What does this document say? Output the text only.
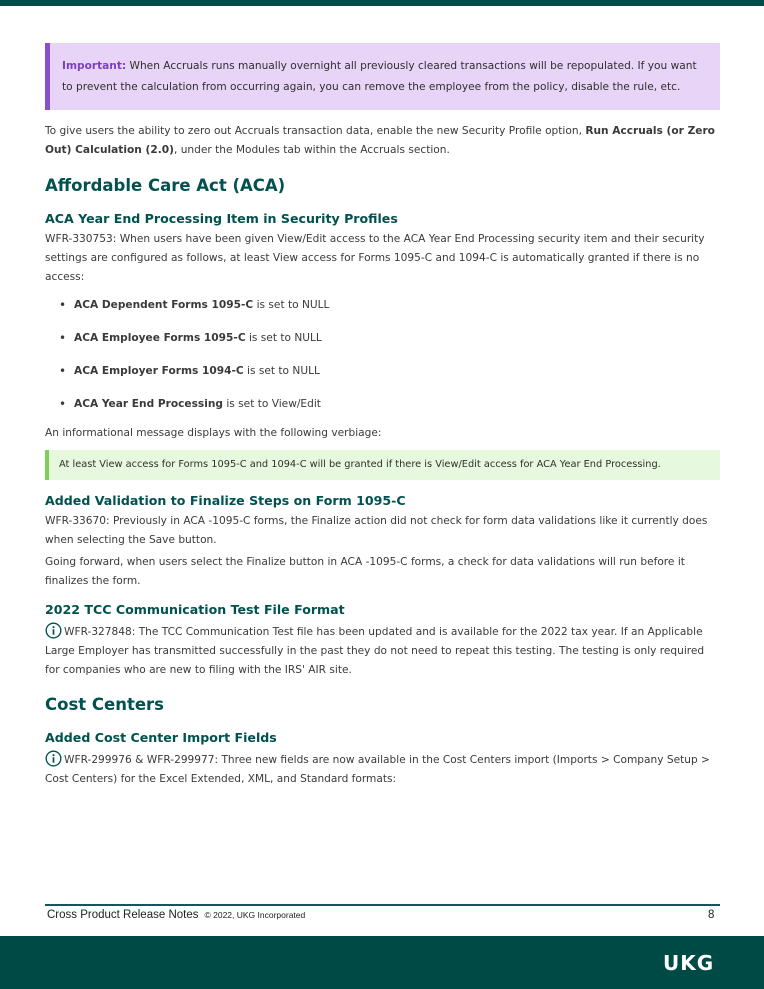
Important: When Accruals runs manually overnight all previously cleared transactions will be repopulated. If you want to prevent the calculation from occurring again, you can remove the employee from the policy, disable the rule, etc.

To give users the ability to zero out Accruals transaction data, enable the new Security Profile option, Run Accruals (or Zero Out) Calculation (2.0), under the Modules tab within the Accruals section.

Affordable Care Act (ACA)
ACA Year End Processing Item in Security Profiles

WFR-330753: When users have been given View/Edit access to the ACA Year End Processing security item and their security settings are configured as follows, at least View access for Forms 1095-C and 1094-C is automatically granted if there is no access:

• ACA Dependent Forms 1095-C is set to NULL
• ACA Employee Forms 1095-C is set to NULL
• ACA Employer Forms 1094-C is set to NULL
• ACA Year End Processing is set to View/Edit

An informational message displays with the following verbiage:

At least View access for Forms 1095-C and 1094-C will be granted if there is View/Edit access for ACA Year End Processing.
Added Validation to Finalize Steps on Form 1095-C

WFR-33670: Previously in ACA -1095-C forms, the Finalize action did not check for form data validations like it currently does when selecting the Save button.

Going forward, when users select the Finalize button in ACA -1095-C forms, a check for data validations will run before it finalizes the form.

2022 TCC Communication Test File Format

WFR-327848: The TCC Communication Test file has been updated and is available for the 2022 tax year. If an Applicable Large Employer has transmitted successfully in the past they do not need to repeat this testing. The testing is only required for companies who are new to filing with the IRS' AIR site.

Cost Centers
Added Cost Center Import Fields

WFR-299976 & WFR-299977: Three new fields are now available in the Cost Centers import (Imports > Company Setup > Cost Centers) for the Excel Extended, XML, and Standard formats:

Cross Product Release Notes © 2022, UKG Incorporated	8
UKG
